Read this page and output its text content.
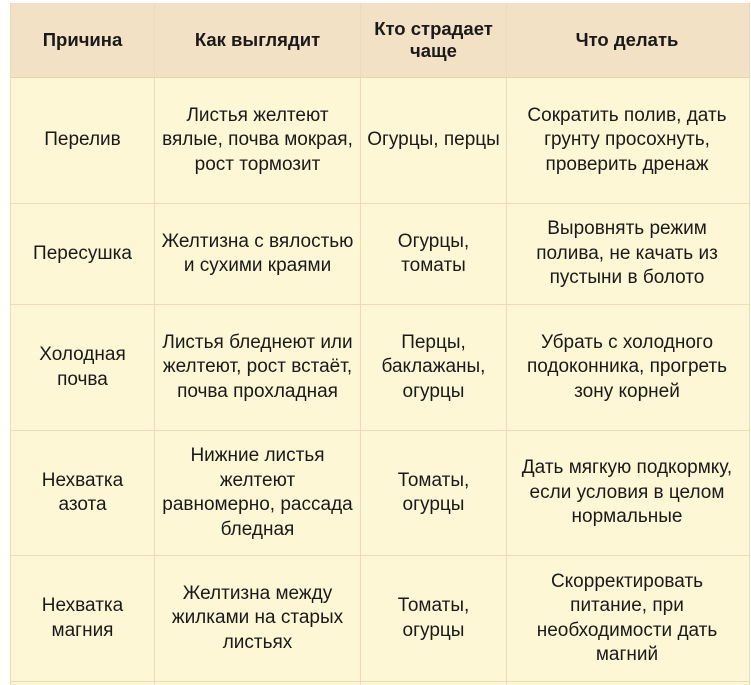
Причина	Как выглядит
Кто страдает
чаще
Что делать
Перелив
Листья желтеют вялые, почва мокрая, рост тормозит
Огурцы, перцы
Сократить полив, дать грунту просохнуть, проверить дренаж
Пересушка
Желтизна с вялостью и сухими краями
Огурцы, томаты
Выровнять режим полива, не качать из пустыни в болото
Холодная почва
Листья бледнеют или желтеют, рост встаёт, почва прохладная
Перцы, баклажаны, огурцы
Убрать с холодного подоконника, прогреть зону корней
Нехватка азота
Нижние листья желтеют равномерно, рассада бледная
Томаты, огурцы
Дать мягкую подкормку, если условия в целом нормальные
Нехватка магния
Желтизна между жилками на старых листьях
Томаты, огурцы
Скорректировать питание, при необходимости дать магний
